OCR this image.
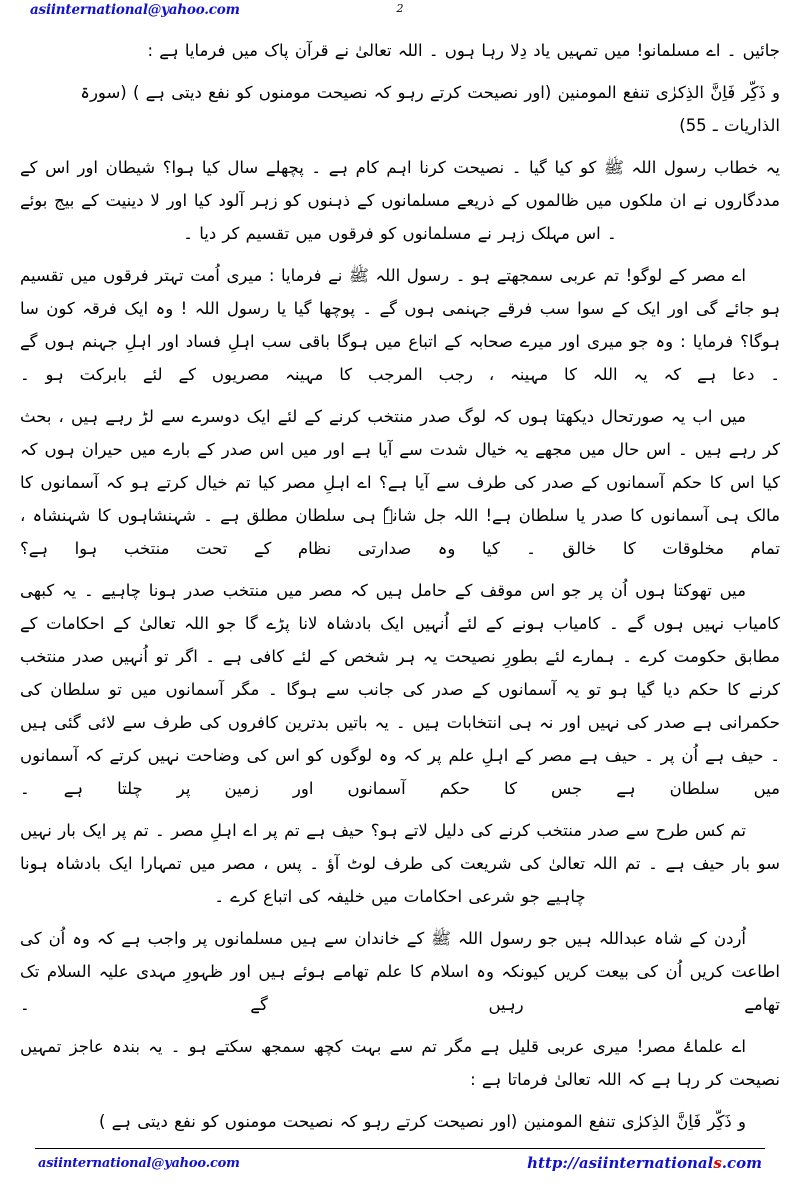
asiinternational@yahoo.com	2

جائیں ۔ اے مسلمانو! میں تمہیں یاد دِلا رہا ہوں ۔ اللہ تعالیٰ نے قرآن پاک میں فرمایا ہے :

و ذَکِّر فَاِنَّ الذِکرٰی تنفع المومنین (اور نصیحت کرتے رہو کہ نصیحت مومنوں کو نفع دیتی ہے ) (سورۃ الذاریات ـ 55)

یہ خطاب رسول اللہ ﷺ کو کیا گیا ۔ نصیحت کرنا اہم کام ہے ۔ پچھلے سال کیا ہوا؟ شیطان اور اس کے مددگاروں نے ان ملکوں میں ظالموں کے ذریعے مسلمانوں کے ذہنوں کو زہر آلود کیا اور لا دینیت کے بیج بوئے ۔ اس مہلک زہر نے مسلمانوں کو فرقوں میں تقسیم کر دیا ۔

اے مصر کے لوگو! تم عربی سمجھتے ہو ۔ رسول اللہ ﷺ نے فرمایا : میری اُمت تہتر فرقوں میں تقسیم ہو جائے گی اور ایک کے سوا سب فرقے جہنمی ہوں گے ۔ پوچھا گیا یا رسول اللہ ! وہ ایک فرقہ کون سا ہوگا؟ فرمایا : وہ جو میری اور میرے صحابہ کے اتباع میں ہوگا باقی سب اہلِ فساد اور اہلِ جہنم ہوں گے ۔ دعا ہے کہ یہ اللہ کا مہینہ ، رجب المرجب کا مہینہ مصریوں کے لئے بابرکت ہو ۔

میں اب یہ صورتحال دیکھتا ہوں کہ لوگ صدر منتخب کرنے کے لئے ایک دوسرے سے لڑ رہے ہیں ، بحث کر رہے ہیں ۔ اس حال میں مجھے یہ خیال شدت سے آیا ہے اور میں اس صدر کے بارے میں حیران ہوں کہ کیا اس کا حکم آسمانوں کے صدر کی طرف سے آیا ہے؟ اے اہلِ مصر کیا تم خیال کرتے ہو کہ آسمانوں کا مالک ہی آسمانوں کا صدر یا سلطان ہے! اللہ جل شانہٗ ہی سلطان مطلق ہے ۔ شہنشاہوں کا شہنشاہ ، تمام مخلوقات کا خالق ۔ کیا وہ صدارتی نظام کے تحت منتخب ہوا ہے؟

میں تھوکتا ہوں اُن پر جو اس موقف کے حامل ہیں کہ مصر میں منتخب صدر ہونا چاہیے ۔ یہ کبھی کامیاب نہیں ہوں گے ۔ کامیاب ہونے کے لئے اُنہیں ایک بادشاہ لانا پڑے گا جو اللہ تعالیٰ کے احکامات کے مطابق حکومت کرے ۔ ہمارے لئے بطورِ نصیحت یہ ہر شخص کے لئے کافی ہے ۔ اگر تو اُنہیں صدر منتخب کرنے کا حکم دیا گیا ہو تو یہ آسمانوں کے صدر کی جانب سے ہوگا ۔ مگر آسمانوں میں تو سلطان کی حکمرانی ہے صدر کی نہیں اور نہ ہی انتخابات ہیں ۔ یہ باتیں بدترین کافروں کی طرف سے لائی گئی ہیں ۔ حیف ہے اُن پر ۔ حیف ہے مصر کے اہلِ علم پر کہ وہ لوگوں کو اس کی وضاحت نہیں کرتے کہ آسمانوں میں سلطان ہے جس کا حکم آسمانوں اور زمین پر چلتا ہے ۔

تم کس طرح سے صدر منتخب کرنے کی دلیل لاتے ہو؟ حیف ہے تم پر اے اہلِ مصر ۔ تم پر ایک بار نہیں سو بار حیف ہے ۔ تم اللہ تعالیٰ کی شریعت کی طرف لوٹ آؤ ۔ پس ، مصر میں تمہارا ایک بادشاہ ہونا چاہیے جو شرعی احکامات میں خلیفہ کی اتباع کرے ۔

اُردن کے شاہ عبداللہ ہیں جو رسول اللہ ﷺ کے خاندان سے ہیں مسلمانوں پر واجب ہے کہ وہ اُن کی اطاعت کریں اُن کی بیعت کریں کیونکہ وہ اسلام کا علم تھامے ہوئے ہیں اور ظہورِ مہدی علیہ السلام تک تھامے رہیں گے ۔

اے علماۓ مصر! میری عربی قلیل ہے مگر تم سے بہت کچھ سمجھ سکتے ہو ۔ یہ بندہ عاجز تمہیں نصیحت کر رہا ہے کہ اللہ تعالیٰ فرماتا ہے :

و ذَکِّر فَاِنَّ الذِکرٰی تنفع المومنین (اور نصیحت کرتے رہو کہ نصیحت مومنوں کو نفع دیتی ہے )

asiinternational@yahoo.com	http://asiinternationals.com
